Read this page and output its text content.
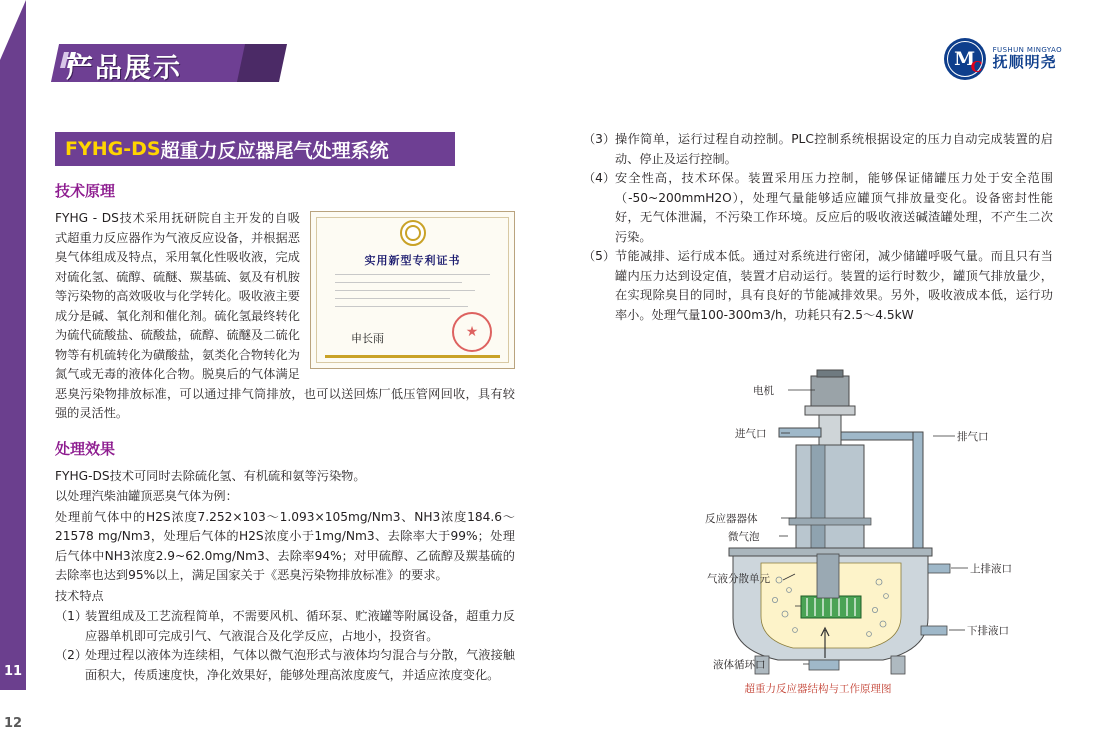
11
12
产品展示	M
C
FUSHUN MINGYAO
抚顺明尧
FYHG-DS 超重力反应器尾气处理系统
技术原理
实用新型专利证书
申长雨
★

FYHG - DS技术采用抚研院自主开发的自吸式超重力反应器作为气液反应设备，并根据恶臭气体组成及特点，采用氧化性吸收液，完成对硫化氢、硫醇、硫醚、羰基硫、氨及有机胺等污染物的高效吸收与化学转化。吸收液主要成分是碱、氧化剂和催化剂。硫化氢最终转化为硫代硫酸盐、硫酸盐，硫醇、硫醚及二硫化物等有机硫转化为磺酸盐，氨类化合物转化为氮气或无毒的液体化合物。脱臭后的气体满足恶臭污染物排放标准，可以通过排气筒排放，也可以送回炼厂低压管网回收，具有较强的灵活性。

处理效果

FYHG-DS技术可同时去除硫化氢、有机硫和氨等污染物。

以处理汽柴油罐顶恶臭气体为例：

处理前气体中的H2S浓度7.252×103～1.093×105mg/Nm3、NH3浓度184.6～21578 mg/Nm3，处理后气体的H2S浓度小于1mg/Nm3、去除率大于99%；处理后气体中NH3浓度2.9~62.0mg/Nm3、去除率94%；对甲硫醇、乙硫醇及羰基硫的去除率也达到95%以上，满足国家关于《恶臭污染物排放标准》的要求。

技术特点

（1）
装置组成及工艺流程简单，不需要风机、循环泵、贮液罐等附属设备，超重力反应器单机即可完成引气、气液混合及化学反应，占地小，投资省。
（2）
处理过程以液体为连续相，气体以微气泡形式与液体均匀混合与分散，气液接触面积大，传质速度快，净化效果好，能够处理高浓度废气，并适应浓度变化。
（3） 操作简单，运行过程自动控制。PLC控制系统根据设定的压力自动完成装置的启动、停止及运行控制。
（4） 安全性高，技术环保。装置采用压力控制，能够保证储罐压力处于安全范围（-50~200mmH2O），处理气量能够适应罐顶气排放量变化。设备密封性能好，无气体泄漏，不污染工作环境。反应后的吸收液送碱渣罐处理，不产生二次污染。
（5） 节能减排、运行成本低。通过对系统进行密闭，减少储罐呼吸气量。而且只有当罐内压力达到设定值，装置才启动运行。装置的运行时数少，罐顶气排放量少，在实现除臭目的同时，具有良好的节能减排效果。另外，吸收液成本低，运行功率小。处理气量100-300m3/h，功耗只有2.5～4.5kW
电机
进气口	排气口
反应器器体
上排液口
微气泡
气液分散单元
下排液口
液体循环口
超重力反应器结构与工作原理图
